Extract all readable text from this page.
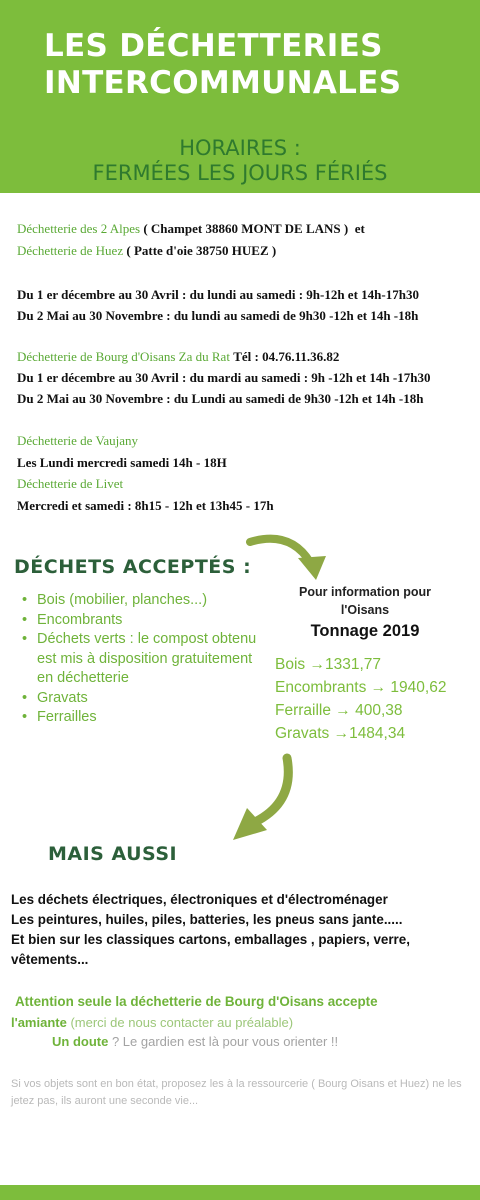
LES DÉCHETTERIES
INTERCOMMUNALES
HORAIRES :
FERMÉES LES JOURS FÉRIÉS
Déchetterie des 2 Alpes ( Champet 38860 MONT DE LANS ) et
Déchetterie de Huez ( Patte d'oie 38750 HUEZ )
Du 1 er décembre au 30 Avril : du lundi au samedi : 9h-12h et 14h-17h30
Du 2 Mai au 30 Novembre : du lundi au samedi de 9h30 -12h et 14h -18h
Déchetterie de Bourg d'Oisans Za du Rat Tél : 04.76.11.36.82
Du 1 er décembre au 30 Avril : du mardi au samedi : 9h -12h et 14h -17h30
Du 2 Mai au 30 Novembre : du Lundi au samedi de 9h30 -12h et 14h -18h
Déchetterie de Vaujany
Les Lundi mercredi samedi 14h - 18H
Déchetterie de Livet
Mercredi et samedi : 8h15 - 12h et 13h45 - 17h
DÉCHETS ACCEPTÉS :
• Bois (mobilier, planches...)
• Encombrants
• Déchets verts : le compost obtenu est mis à disposition gratuitement en déchetterie
• Gravats
• Ferrailles
Pour information pour
l'Oisans
Tonnage 2019
Bois →1331,77
Encombrants → 1940,62
Ferraille → 400,38
Gravats →1484,34
MAIS AUSSI
Les déchets électriques, électroniques et d'électroménager
Les peintures, huiles, piles, batteries, les pneus sans jante.....
Et bien sur les classiques cartons, emballages , papiers, verre, vêtements...
Attention seule la déchetterie de Bourg d'Oisans accepte
l'amiante (merci de nous contacter au préalable)
Un doute ? Le gardien est là pour vous orienter !!
Si vos objets sont en bon état, proposez les à la ressourcerie ( Bourg Oisans et Huez) ne les jetez pas, ils auront une seconde vie...
